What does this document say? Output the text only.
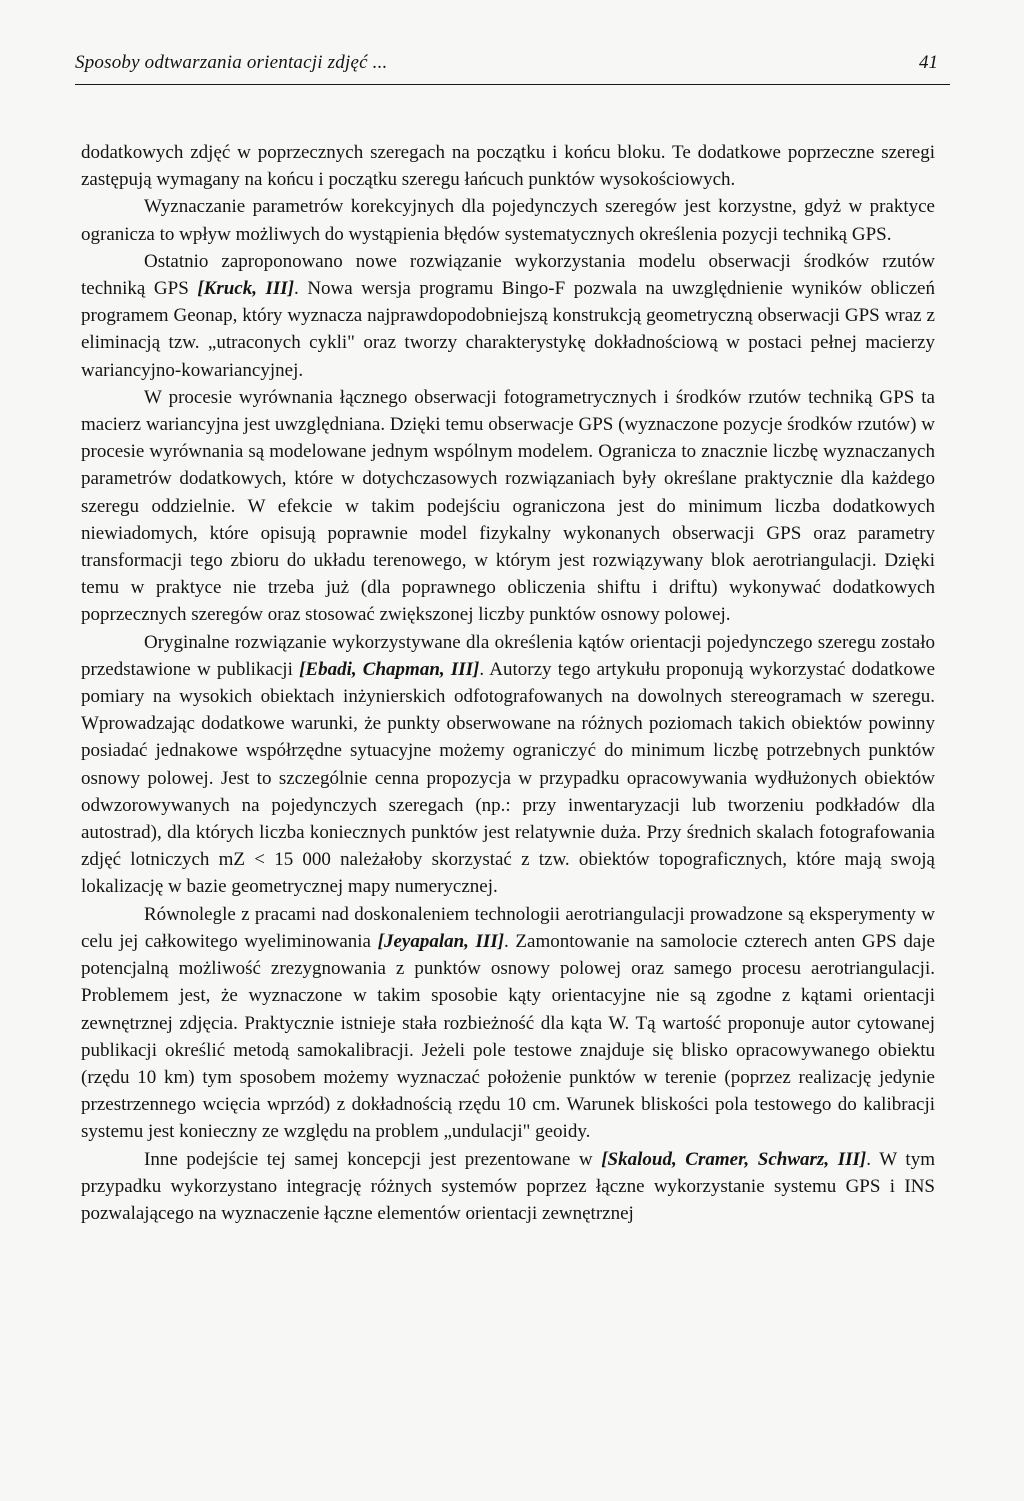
Sposoby odtwarzania orientacji zdjęć ...	41

dodatkowych zdjęć w poprzecznych szeregach na początku i końcu bloku. Te dodatkowe poprzeczne szeregi zastępują wymagany na końcu i początku szeregu łańcuch punktów wysokościowych.

Wyznaczanie parametrów korekcyjnych dla pojedynczych szeregów jest korzystne, gdyż w praktyce ogranicza to wpływ możliwych do wystąpienia błędów systematycznych określenia pozycji techniką GPS.

Ostatnio zaproponowano nowe rozwiązanie wykorzystania modelu obserwacji środków rzutów techniką GPS [Kruck, III]. Nowa wersja programu Bingo-F pozwala na uwzględnienie wyników obliczeń programem Geonap, który wyznacza najprawdopodobniejszą konstrukcją geometryczną obserwacji GPS wraz z eliminacją tzw. „utraconych cykli" oraz tworzy charakterystykę dokładnościową w postaci pełnej macierzy wariancyjno-kowariancyjnej.

W procesie wyrównania łącznego obserwacji fotogrametrycznych i środków rzutów techniką GPS ta macierz wariancyjna jest uwzględniana. Dzięki temu obserwacje GPS (wyznaczone pozycje środków rzutów) w procesie wyrównania są modelowane jednym wspólnym modelem. Ogranicza to znacznie liczbę wyznaczanych parametrów dodatkowych, które w dotychczasowych rozwiązaniach były określane praktycznie dla każdego szeregu oddzielnie. W efekcie w takim podejściu ograniczona jest do minimum liczba dodatkowych niewiadomych, które opisują poprawnie model fizykalny wykonanych obserwacji GPS oraz parametry transformacji tego zbioru do układu terenowego, w którym jest rozwiązywany blok aerotriangulacji. Dzięki temu w praktyce nie trzeba już (dla poprawnego obliczenia shiftu i driftu) wykonywać dodatkowych poprzecznych szeregów oraz stosować zwiększonej liczby punktów osnowy polowej.

Oryginalne rozwiązanie wykorzystywane dla określenia kątów orientacji pojedynczego szeregu zostało przedstawione w publikacji [Ebadi, Chapman, III]. Autorzy tego artykułu proponują wykorzystać dodatkowe pomiary na wysokich obiektach inżynierskich odfotografowanych na dowolnych stereogramach w szeregu. Wprowadzając dodatkowe warunki, że punkty obserwowane na różnych poziomach takich obiektów powinny posiadać jednakowe współrzędne sytuacyjne możemy ograniczyć do minimum liczbę potrzebnych punktów osnowy polowej. Jest to szczególnie cenna propozycja w przypadku opracowywania wydłużonych obiektów odwzorowywanych na pojedynczych szeregach (np.: przy inwentaryzacji lub tworzeniu podkładów dla autostrad), dla których liczba koniecznych punktów jest relatywnie duża. Przy średnich skalach fotografowania zdjęć lotniczych mZ < 15 000 należałoby skorzystać z tzw. obiektów topograficznych, które mają swoją lokalizację w bazie geometrycznej mapy numerycznej.

Równolegle z pracami nad doskonaleniem technologii aerotriangulacji prowadzone są eksperymenty w celu jej całkowitego wyeliminowania [Jeyapalan, III]. Zamontowanie na samolocie czterech anten GPS daje potencjalną możliwość zrezygnowania z punktów osnowy polowej oraz samego procesu aerotriangulacji. Problemem jest, że wyznaczone w takim sposobie kąty orientacyjne nie są zgodne z kątami orientacji zewnętrznej zdjęcia. Praktycznie istnieje stała rozbieżność dla kąta W. Tą wartość proponuje autor cytowanej publikacji określić metodą samokalibracji. Jeżeli pole testowe znajduje się blisko opracowywanego obiektu (rzędu 10 km) tym sposobem możemy wyznaczać położenie punktów w terenie (poprzez realizację jedynie przestrzennego wcięcia wprzód) z dokładnością rzędu 10 cm. Warunek bliskości pola testowego do kalibracji systemu jest konieczny ze względu na problem „undulacji" geoidy.

Inne podejście tej samej koncepcji jest prezentowane w [Skaloud, Cramer, Schwarz, III]. W tym przypadku wykorzystano integrację różnych systemów poprzez łączne wykorzystanie systemu GPS i INS pozwalającego na wyznaczenie łączne elementów orientacji zewnętrznej
